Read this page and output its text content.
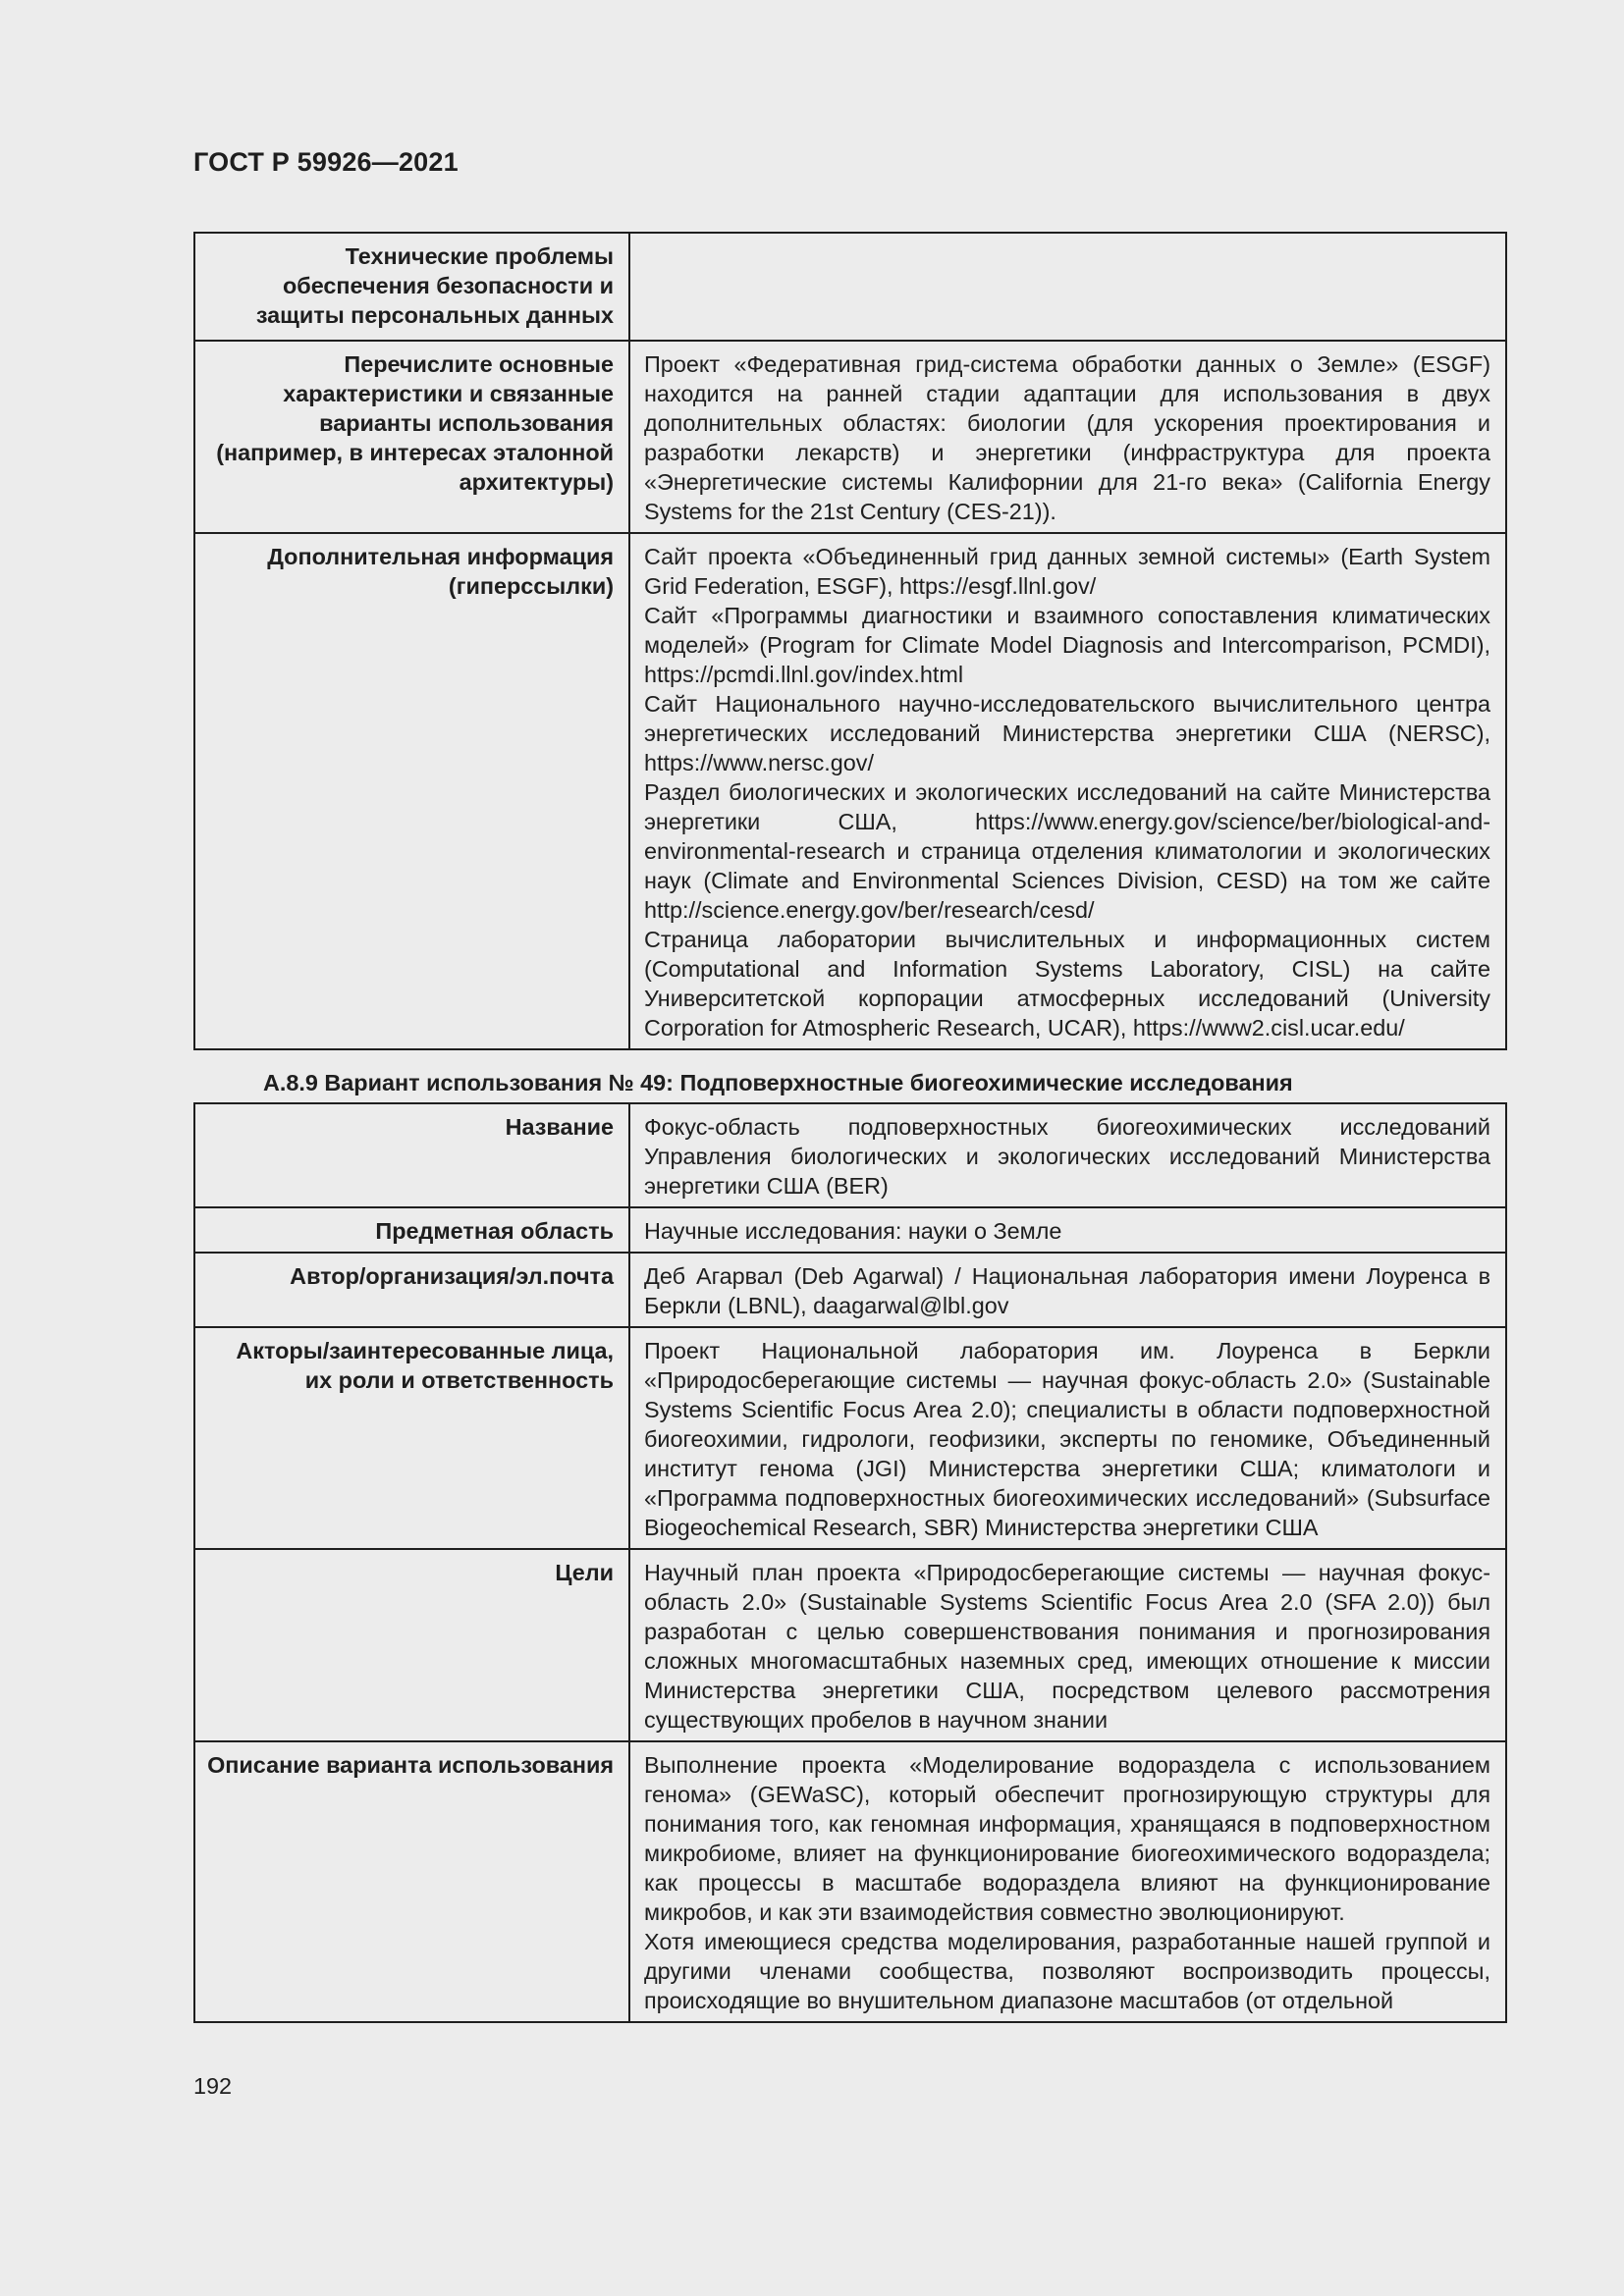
ГОСТ Р 59926—2021
Технические проблемы обеспечения безопасности и защиты персональных данных	
Перечислите основные характеристики и связанные варианты использования (например, в интересах эталонной архитектуры)	Проект «Федеративная грид-система обработки данных о Земле» (ESGF) находится на ранней стадии адаптации для использования в двух дополнительных областях: биологии (для ускорения проектирования и разработки лекарств) и энергетики (инфраструктура для проекта «Энергетические системы Калифорнии для 21-го века» (California Energy Systems for the 21st Century (CES-21)).

Дополнительная информация (гиперссылки)	Сайт проекта «Объединенный грид данных земной системы» (Earth System Grid Federation, ESGF), https://esgf.llnl.gov/
Сайт «Программы диагностики и взаимного сопоставления климатических моделей» (Program for Climate Model Diagnosis and Intercomparison, PCMDI), https://pcmdi.llnl.gov/index.html
Сайт Национального научно-исследовательского вычислительного центра энергетических исследований Министерства энергетики США (NERSC), https://www.nersc.gov/
Раздел биологических и экологических исследований на сайте Министерства энергетики США, https://www.energy.gov/science/ber/biological-and-environmental-research и страница отделения климатологии и экологических наук (Climate and Environmental Sciences Division, CESD) на том же сайте http://science.energy.gov/ber/research/cesd/
Страница лаборатории вычислительных и информационных систем (Computational and Information Systems Laboratory, CISL) на сайте Университетской корпорации атмосферных исследований (University Corporation for Atmospheric Research, UCAR), https://www2.cisl.ucar.edu/
А.8.9 Вариант использования № 49: Подповерхностные биогеохимические исследования
Название	Фокус-область подповерхностных биогеохимических исследований Управления биологических и экологических исследований Министерства энергетики США (BER)

Предметная область	Научные исследования: науки о Земле

Автор/организация/эл.почта	Деб Агарвал (Deb Agarwal) / Национальная лаборатория имени Лоуренса в Беркли (LBNL), daagarwal@lbl.gov

Акторы/заинтересованные лица, их роли и ответственность	Проект Национальной лаборатория им. Лоуренса в Беркли «Природосберегающие системы — научная фокус-область 2.0» (Sustainable Systems Scientific Focus Area 2.0); специалисты в области подповерхностной биогеохимии, гидрологи, геофизики, эксперты по геномике, Объединенный институт генома (JGI) Министерства энергетики США; климатологи и «Программа подповерхностных биогеохимических исследований» (Subsurface Biogeochemical Research, SBR) Министерства энергетики США

Цели	Научный план проекта «Природосберегающие системы — научная фокус-область 2.0» (Sustainable Systems Scientific Focus Area 2.0 (SFA 2.0)) был разработан с целью совершенствования понимания и прогнозирования сложных многомасштабных наземных сред, имеющих отношение к миссии Министерства энергетики США, посредством целевого рассмотрения существующих пробелов в научном знании

Описание варианта использования	Выполнение проекта «Моделирование водораздела с использованием генома» (GEWaSC), который обеспечит прогнозирующую структуры для понимания того, как геномная информация, хранящаяся в подповерхностном микробиоме, влияет на функционирование биогеохимического водораздела; как процессы в масштабе водораздела влияют на функционирование микробов, и как эти взаимодействия совместно эволюционируют.
Хотя имеющиеся средства моделирования, разработанные нашей группой и другими членами сообщества, позволяют воспроизводить процессы, происходящие во внушительном диапазоне масштабов (от отдельной
192
